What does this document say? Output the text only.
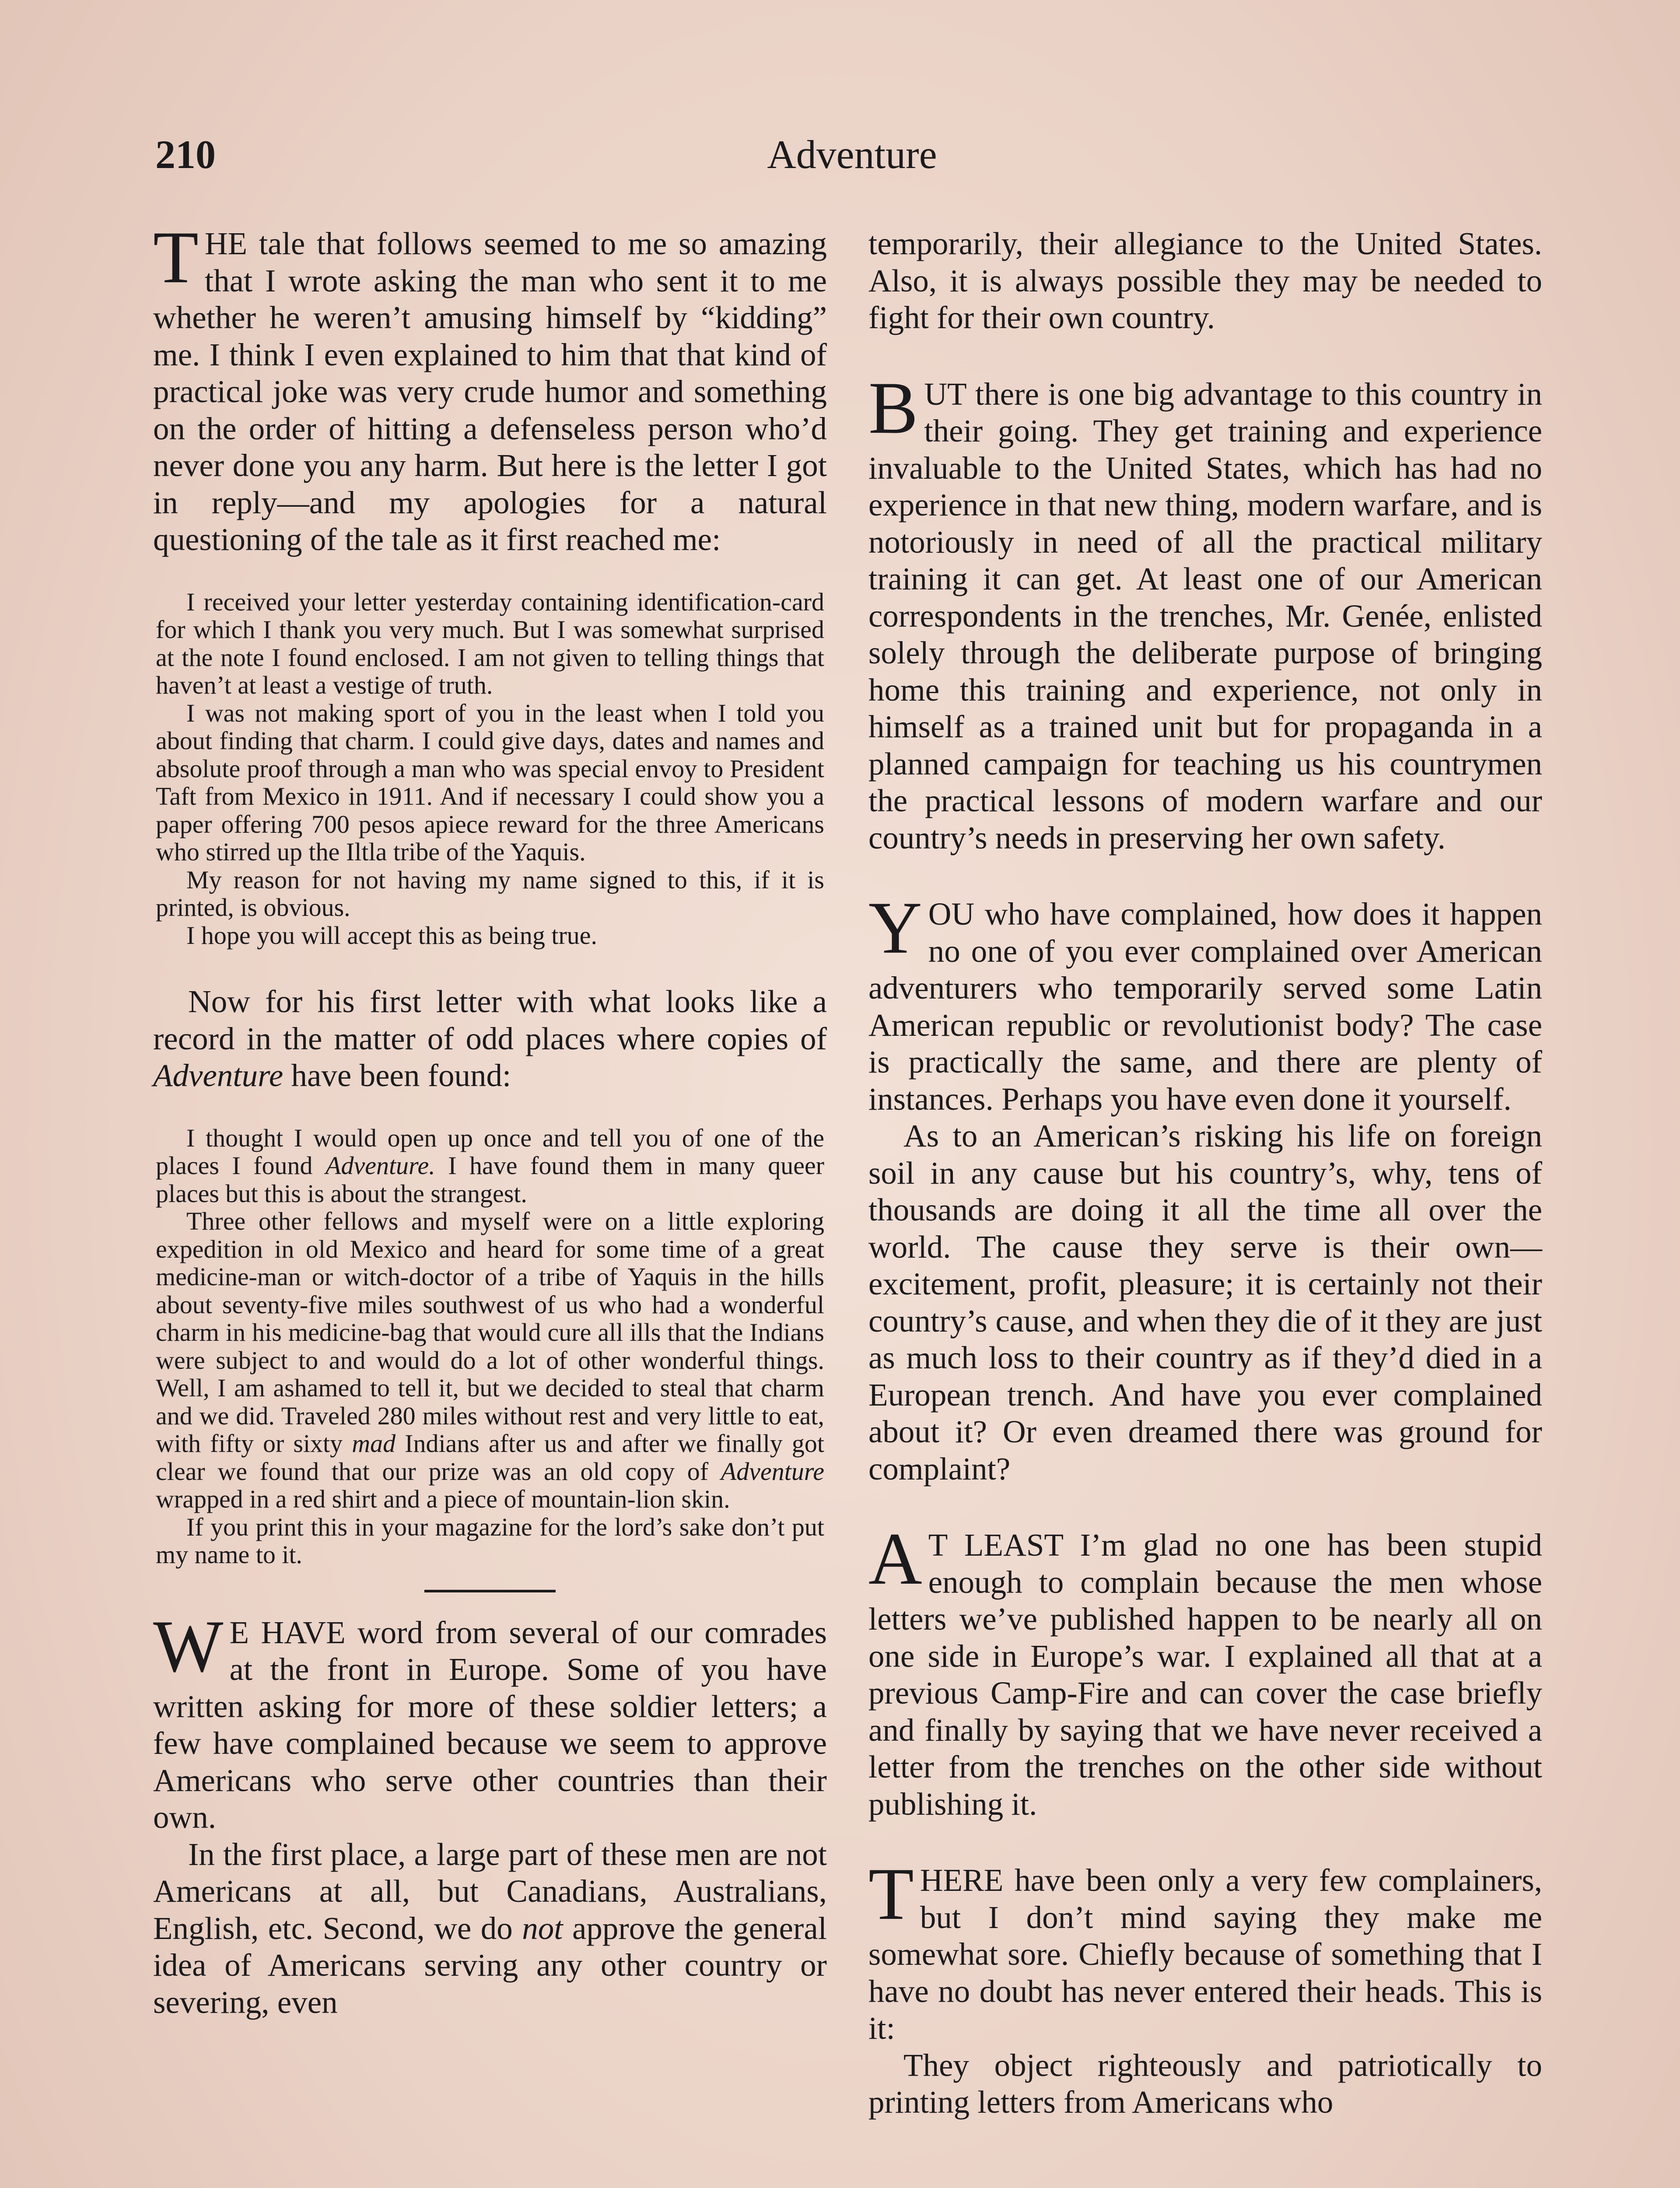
210	Adventure

THE tale that follows seemed to me so amazing that I wrote asking the man who sent it to me whether he weren’t amusing himself by “kidding” me. I think I even explained to him that that kind of practical joke was very crude humor and something on the order of hitting a defenseless person who’d never done you any harm. But here is the letter I got in reply—and my apologies for a natural questioning of the tale as it first reached me:

I received your letter yesterday containing identification-card for which I thank you very much. But I was somewhat surprised at the note I found enclosed. I am not given to telling things that haven’t at least a vestige of truth.

I was not making sport of you in the least when I told you about finding that charm. I could give days, dates and names and absolute proof through a man who was special envoy to President Taft from Mexico in 1911. And if necessary I could show you a paper offering 700 pesos apiece reward for the three Americans who stirred up the Iltla tribe of the Yaquis.

My reason for not having my name signed to this, if it is printed, is obvious.

I hope you will accept this as being true.

Now for his first letter with what looks like a record in the matter of odd places where copies of Adventure have been found:

I thought I would open up once and tell you of one of the places I found Adventure. I have found them in many queer places but this is about the strangest.

Three other fellows and myself were on a little exploring expedition in old Mexico and heard for some time of a great medicine-man or witch-doctor of a tribe of Yaquis in the hills about seventy-five miles southwest of us who had a wonderful charm in his medicine-bag that would cure all ills that the Indians were subject to and would do a lot of other wonderful things. Well, I am ashamed to tell it, but we decided to steal that charm and we did. Traveled 280 miles without rest and very little to eat, with fifty or sixty mad Indians after us and after we finally got clear we found that our prize was an old copy of Adventure wrapped in a red shirt and a piece of mountain-lion skin.

If you print this in your magazine for the lord’s sake don’t put my name to it.

W E HAVE word from several of our comrades at the front in Europe. Some of you have written asking for more of these soldier letters; a few have complained because we seem to approve Americans who serve other countries than their own.

In the first place, a large part of these men are not Americans at all, but Canadians, Australians, English, etc. Second, we do not approve the general idea of Americans serving any other country or severing, even

temporarily, their allegiance to the United States. Also, it is always possible they may be needed to fight for their own country.

BUT there is one big advantage to this country in their going. They get training and experience invaluable to the United States, which has had no experience in that new thing, modern warfare, and is notoriously in need of all the practical military training it can get. At least one of our American correspondents in the trenches, Mr. Genée, enlisted solely through the deliberate purpose of bringing home this training and experience, not only in himself as a trained unit but for propaganda in a planned campaign for teaching us his countrymen the practical lessons of modern warfare and our country’s needs in preserving her own safety.

YOU who have complained, how does it happen no one of you ever complained over American adventurers who temporarily served some Latin American republic or revolutionist body? The case is practically the same, and there are plenty of instances. Perhaps you have even done it yourself.

As to an American’s risking his life on foreign soil in any cause but his country’s, why, tens of thousands are doing it all the time all over the world. The cause they serve is their own—excitement, profit, pleasure; it is certainly not their country’s cause, and when they die of it they are just as much loss to their country as if they’d died in a European trench. And have you ever complained about it? Or even dreamed there was ground for complaint?

A T LEAST I’m glad no one has been stupid enough to complain because the men whose letters we’ve published happen to be nearly all on one side in Europe’s war. I explained all that at a previous Camp-Fire and can cover the case briefly and finally by saying that we have never received a letter from the trenches on the other side without publishing it.

THERE have been only a very few complainers, but I don’t mind saying they make me somewhat sore. Chiefly because of something that I have no doubt has never entered their heads. This is it:

They object righteously and patriotically to printing letters from Americans who
